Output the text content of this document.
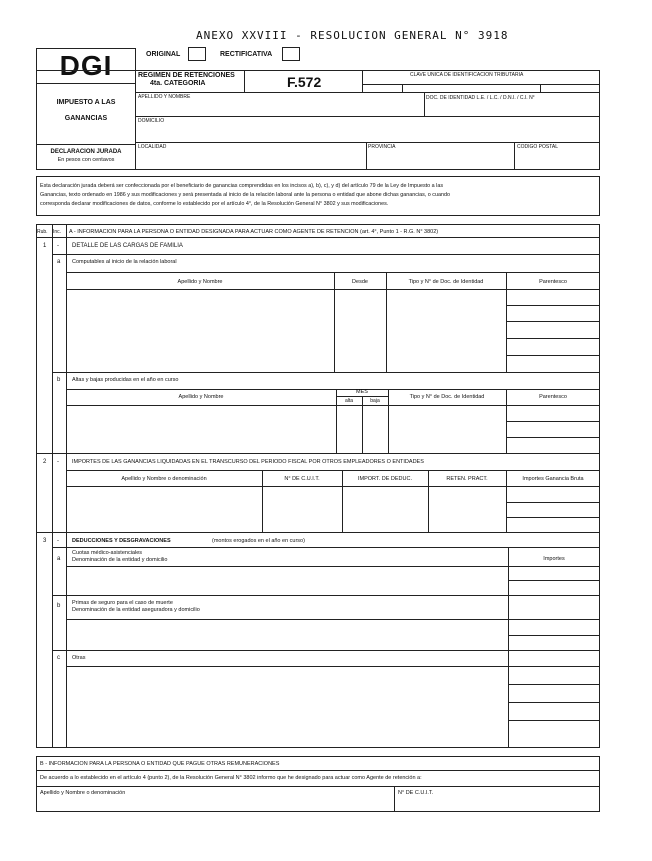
ANEXO XXVIII - RESOLUCION GENERAL N° 3918
DGI	ORIGINAL	RECTIFICATIVA
IMPUESTO A LAS
GANANCIAS
DECLARACION JURADA
En pesos con centavos
REGIMEN DE RETENCIONES
4ta. CATEGORIA	F.572	CLAVE UNICA DE IDENTIFICACION TRIBUTARIA
APELLIDO Y NOMBRE	DOC. DE IDENTIDAD L.E. / L.C. / D.N.I. / C.I. N°
DOMICILIO
LOCALIDAD	PROVINCIA	CODIGO POSTAL
Esta declaración jurada deberá ser confeccionada por el beneficiario de ganancias comprendidas en los incisos a), b), c), y d) del artículo 79 de la Ley de Impuesto a las
Ganancias, texto ordenado en 1986 y sus modificaciones y será presentada al inicio de la relación laboral ante la persona o entidad que abone dichas ganancias, o cuando
corresponda declarar modificaciones de datos, conforme lo establecido por el artículo 4°, de la Resolución General N° 3802 y sus modificaciones.
Rub. Inc. A - INFORMACION PARA LA PERSONA O ENTIDAD DESIGNADA PARA ACTUAR COMO AGENTE DE RETENCION (art. 4°, Punto 1 - R.G. N° 3802)
1 - DETALLE DE LAS CARGAS DE FAMILIA
a Computables al inicio de la relación laboral
Apellido y Nombre	Desde	Tipo y N° de Doc. de Identidad	Parentesco
b Altas y bajas producidas en el año en curso
Apellido y Nombre
MES
alta	baja
Tipo y N° de Doc. de Identidad	Parentesco
2 - IMPORTES DE LAS GANANCIAS LIQUIDADAS EN EL TRANSCURSO DEL PERIODO FISCAL POR OTROS EMPLEADORES O ENTIDADES
Apellido y Nombre o denominación	N° DE C.U.I.T.	IMPORT. DE DEDUC.	RETEN. PRACT.	Importes Ganancia Bruta
3 - DEDUCCIONES Y DESGRAVACIONES	(montos erogados en el año en curso)
a
Cuotas médico-asistenciales
Denominación de la entidad y domicilio	Importes
b Primas de seguro para el caso de muerte
Denominación de la entidad aseguradora y domicilio
c Otras
B - INFORMACION PARA LA PERSONA O ENTIDAD QUE PAGUE OTRAS REMUNERACIONES
De acuerdo a lo establecido en el artículo 4 (punto 2), de la Resolución General N° 3802 informo que he designado para actuar como Agente de retención a:
Apellido y Nombre o denominación	N° DE C.U.I.T.
